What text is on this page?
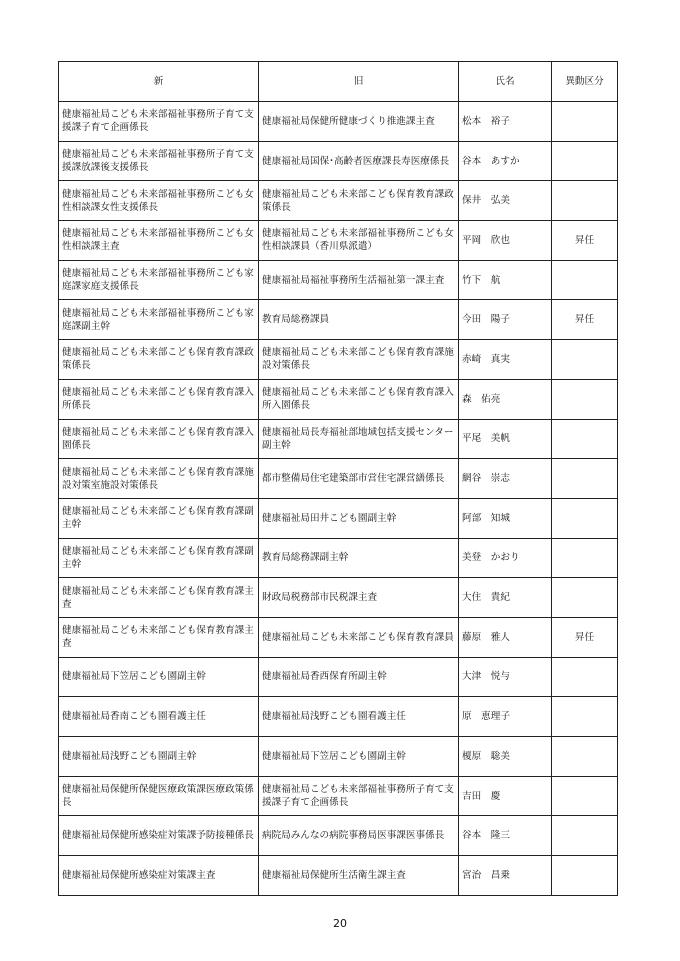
新	旧	氏名	異動区分
健康福祉局こども未来部福祉事務所子育て支援課子育て企画係長	健康福祉局保健所健康づくり推進課主査	松本　裕子	
健康福祉局こども未来部福祉事務所子育て支援課放課後支援係長	健康福祉局国保･高齢者医療課長寿医療係長	谷本　あすか	
健康福祉局こども未来部福祉事務所こども女性相談課女性支援係長	健康福祉局こども未来部こども保育教育課政策係長	保井　弘美	
健康福祉局こども未来部福祉事務所こども女性相談課主査	健康福祉局こども未来部福祉事務所こども女性相談課員（香川県派遣）	平岡　欣也	昇任
健康福祉局こども未来部福祉事務所こども家庭課家庭支援係長	健康福祉局福祉事務所生活福祉第一課主査	竹下　航	
健康福祉局こども未来部福祉事務所こども家庭課副主幹	教育局総務課員	今田　陽子	昇任
健康福祉局こども未来部こども保育教育課政策係長	健康福祉局こども未来部こども保育教育課施設対策係長	赤崎　真実	
健康福祉局こども未来部こども保育教育課入所係長	健康福祉局こども未来部こども保育教育課入所入園係長	森　佑亮	
健康福祉局こども未来部こども保育教育課入園係長	健康福祉局長寿福祉部地域包括支援センター副主幹	平尾　美帆	
健康福祉局こども未来部こども保育教育課施設対策室施設対策係長	都市整備局住宅建築部市営住宅課営繕係長	網谷　崇志	
健康福祉局こども未来部こども保育教育課副主幹	健康福祉局田井こども園副主幹	阿部　知城	
健康福祉局こども未来部こども保育教育課副主幹	教育局総務課副主幹	美登　かおり	
健康福祉局こども未来部こども保育教育課主査	財政局税務部市民税課主査	大住　貴紀	
健康福祉局こども未来部こども保育教育課主査	健康福祉局こども未来部こども保育教育課員	藤原　雅人	昇任
健康福祉局下笠居こども園副主幹	健康福祉局香西保育所副主幹	大津　悦与	
健康福祉局香南こども園看護主任	健康福祉局浅野こども園看護主任	原　恵理子	
健康福祉局浅野こども園副主幹	健康福祉局下笠居こども園副主幹	榎原　聡美	
健康福祉局保健所保健医療政策課医療政策係長	健康福祉局こども未来部福祉事務所子育て支援課子育て企画係長	吉田　慶	
健康福祉局保健所感染症対策課予防接種係長	病院局みんなの病院事務局医事課医事係長	谷本　隆三	
健康福祉局保健所感染症対策課主査	健康福祉局保健所生活衛生課主査	宮治　昌乗	
20
